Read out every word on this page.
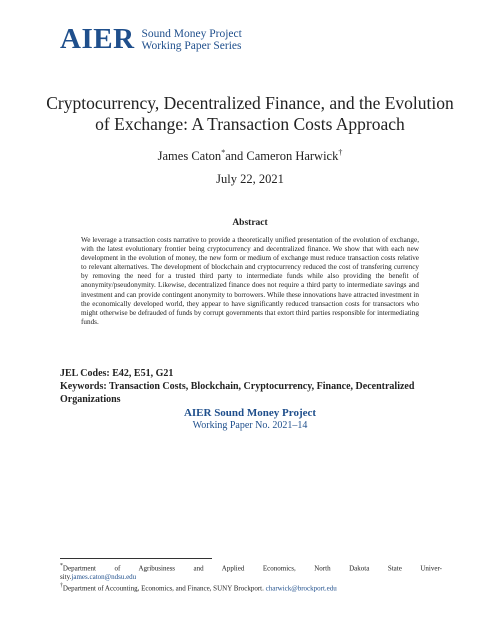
AIER Sound Money Project
Working Paper Series
Cryptocurrency, Decentralized Finance, and the Evolution of Exchange: A Transaction Costs Approach
James Caton*and Cameron Harwick†
July 22, 2021
Abstract
We leverage a transaction costs narrative to provide a theoretically unified presentation of the evolution of exchange, with the latest evolutionary frontier being cryptocurrency and decentralized finance. We show that with each new development in the evolution of money, the new form or medium of exchange must reduce transaction costs relative to relevant alternatives. The development of blockchain and cryptocurrency reduced the cost of transfering currency by removing the need for a trusted third party to intermediate funds while also providing the benefit of anonymity/pseudonymity. Likewise, decentralized finance does not require a third party to intermediate savings and investment and can provide contingent anonymity to borrowers. While these innovations have attracted investment in the economically developed world, they appear to have significantly reduced transaction costs for transactors who might otherwise be defrauded of funds by corrupt governments that extort third parties responsible for intermediating funds.
JEL Codes: E42, E51, G21
Keywords: Transaction Costs, Blockchain, Cryptocurrency, Finance, Decentralized Organizations
AIER Sound Money Project
Working Paper No. 2021–14
*Department of Agribusiness and Applied Economics, North Dakota State Univer-
sity.james.caton@ndsu.edu
†Department of Accounting, Economics, and Finance, SUNY Brockport. charwick@brockport.edu
